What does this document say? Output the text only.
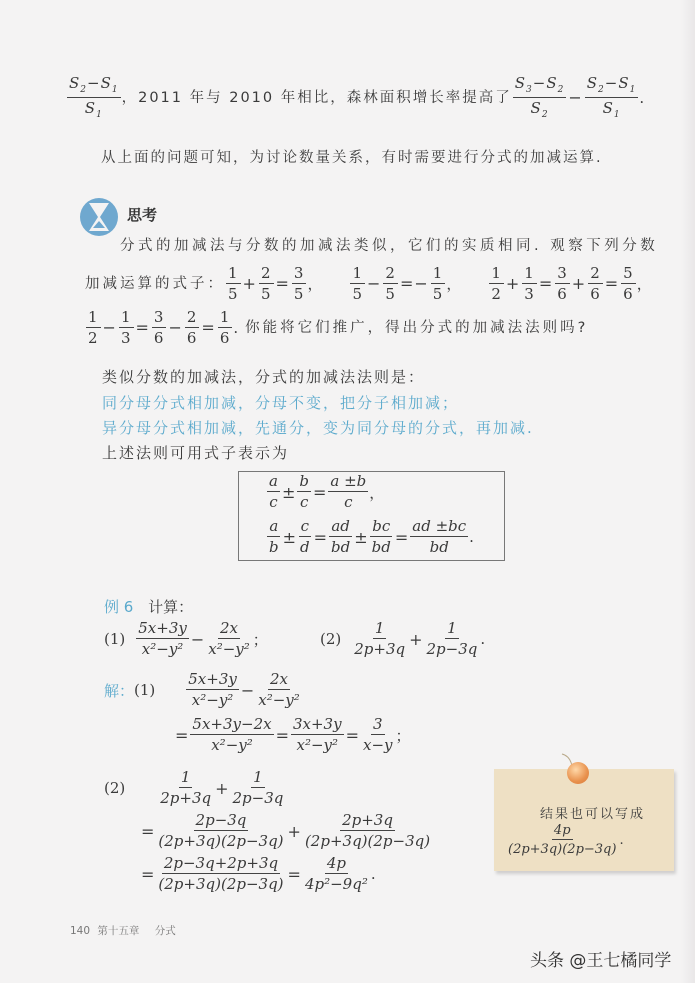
$\frac{S_2-S_1}{S_1}$ ，2011 年与 2010 年相比，森林面积增长率提高了 $\frac{S_3-S_2}{S_2} - \frac{S_2-S_1}{S_1}$ .
从上面的问题可知，为讨论数量关系，有时需要进行分式的加减运算.
思考
分式的加减法与分数的加减法类似，它们的实质相同. 观察下列分数
加减运算的式子： $\frac{1}{5} + \frac{2}{5} = \frac{3}{5}$ ， $\frac{1}{5} - \frac{2}{5} =- \frac{1}{5}$ ， $\frac{1}{2} + \frac{1}{3} = \frac{3}{6} + \frac{2}{6} = \frac{5}{6}$ ，
$\frac{1}{2} - \frac{1}{3} = \frac{3}{6} - \frac{2}{6} = \frac{1}{6}$ . 你能将它们推广，得出分式的加减法法则吗?
类似分数的加减法，分式的加减法法则是：
同分母分式相加减，分母不变，把分子相加减；
异分母分式相加减，先通分，变为同分母的分式，再加减.
上述法则可用式子表示为
$\frac{a}{c} \pm \frac{b}{c} = \frac{a \pm b}{c}$ ，
$\frac{a}{b} \pm \frac{c}{d} = \frac{ad}{bd} \pm \frac{bc}{bd} = \frac{ad \pm bc}{bd}$ .
例 6 计算：
$(1) \frac{5x+3y}{\text{x²−y²}} - \frac{2x}{\text{x²−y²}}$ ；	$(2) \frac{1}{2p+3q} + \frac{1}{2p-3q}$ .
解： $(1) \frac{5x+3y}{\text{x²−y²}} - \frac{2x}{\text{x²−y²}}$
= $\frac{5x+3y-2x}{\text{x²−y²}} = \frac{3x+3y}{\text{x²−y²}} = \frac{3}{x-y}$ ；
$(2) \frac{1}{2p+3q} + \frac{1}{2p-3q}$
= $\frac{2p-3q}{(2p+3q)(2p-3q)} + \frac{2p+3q}{(2p+3q)(2p-3q)}$
= $\frac{2p-3q+2p+3q}{(2p+3q)(2p-3q)} = \frac{4p}{\text{4p²−9q²}}$ .
结果也可以写成
$\frac{4p}{(2p+3q)(2p-3q)}$ .
140 第十五章 分式
头条 @王七橘同学
